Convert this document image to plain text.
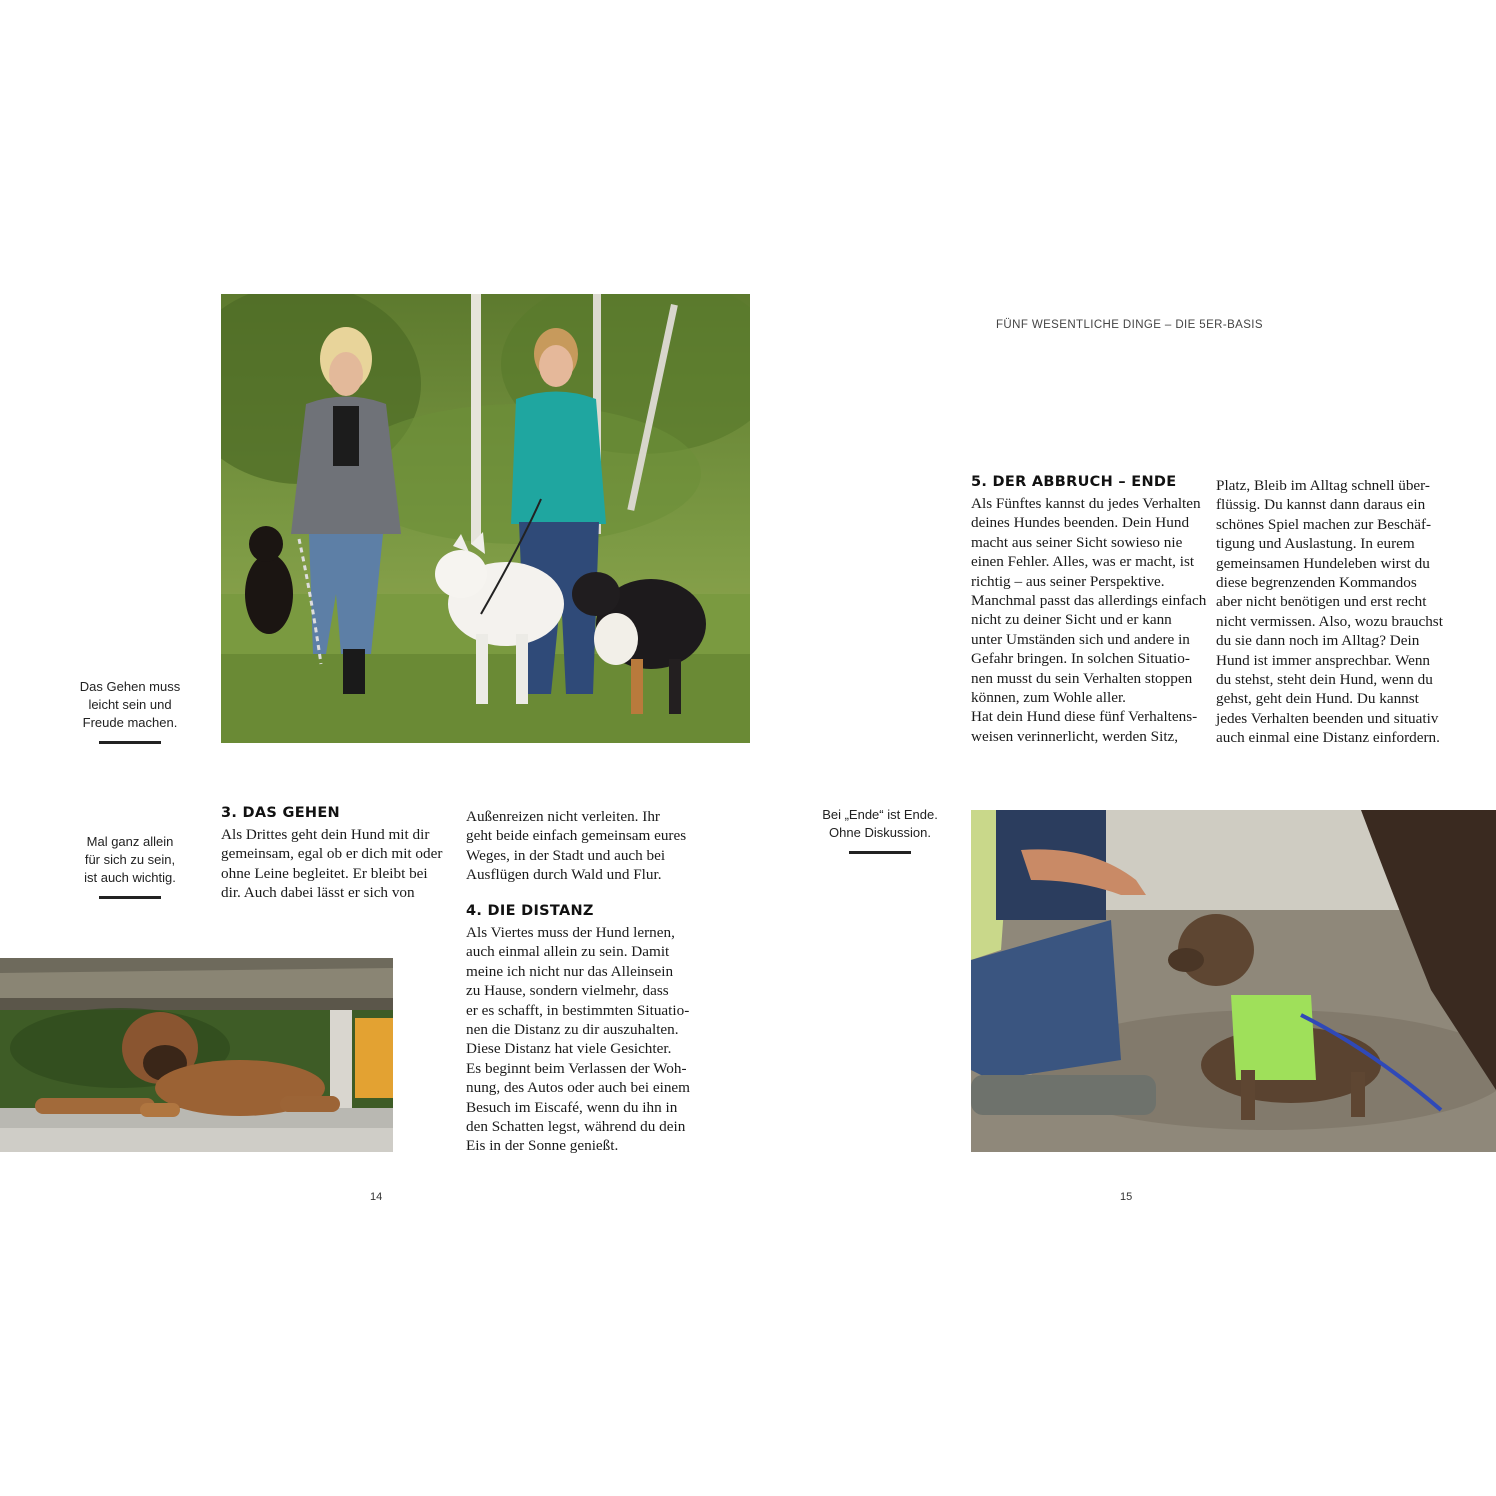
Das Gehen muss
leicht sein und
Freude machen.
Mal ganz allein
für sich zu sein,
ist auch wichtig.
3. DAS GEHEN

Als Drittes geht dein Hund mit dir
gemeinsam, egal ob er dich mit oder
ohne Leine begleitet. Er bleibt bei
dir. Auch dabei lässt er sich von

Außenreizen nicht verleiten. Ihr
geht beide einfach gemeinsam eures
Weges, in der Stadt und auch bei
Ausflügen durch Wald und Flur.

4. DIE DISTANZ

Als Viertes muss der Hund lernen,
auch einmal allein zu sein. Damit
meine ich nicht nur das Alleinsein
zu Hause, sondern vielmehr, dass
er es schafft, in bestimmten Situatio-
nen die Distanz zu dir auszuhalten.
Diese Distanz hat viele Gesichter.
Es beginnt beim Verlassen der Woh-
nung, des Autos oder auch bei einem
Besuch im Eiscafé, wenn du ihn in
den Schatten legst, während du dein
Eis in der Sonne genießt.

14
FÜNF WESENTLICHE DINGE – DIE 5ER-BASIS
5. DER ABBRUCH – ENDE

Als Fünftes kannst du jedes Verhalten
deines Hundes beenden. Dein Hund
macht aus seiner Sicht sowieso nie
einen Fehler. Alles, was er macht, ist
richtig – aus seiner Perspektive.
Manchmal passt das allerdings einfach
nicht zu deiner Sicht und er kann
unter Umständen sich und andere in
Gefahr bringen. In solchen Situatio-
nen musst du sein Verhalten stoppen
können, zum Wohle aller.
Hat dein Hund diese fünf Verhaltens-
weisen verinnerlicht, werden Sitz,

Platz, Bleib im Alltag schnell über-
flüssig. Du kannst dann daraus ein
schönes Spiel machen zur Beschäf-
tigung und Auslastung. In eurem
gemeinsamen Hundeleben wirst du
diese begrenzenden Kommandos
aber nicht benötigen und erst recht
nicht vermissen. Also, wozu brauchst
du sie dann noch im Alltag? Dein
Hund ist immer ansprechbar. Wenn
du stehst, steht dein Hund, wenn du
gehst, geht dein Hund. Du kannst
jedes Verhalten beenden und situativ
auch einmal eine Distanz einfordern.

Bei „Ende“ ist Ende.
Ohne Diskussion.
15
